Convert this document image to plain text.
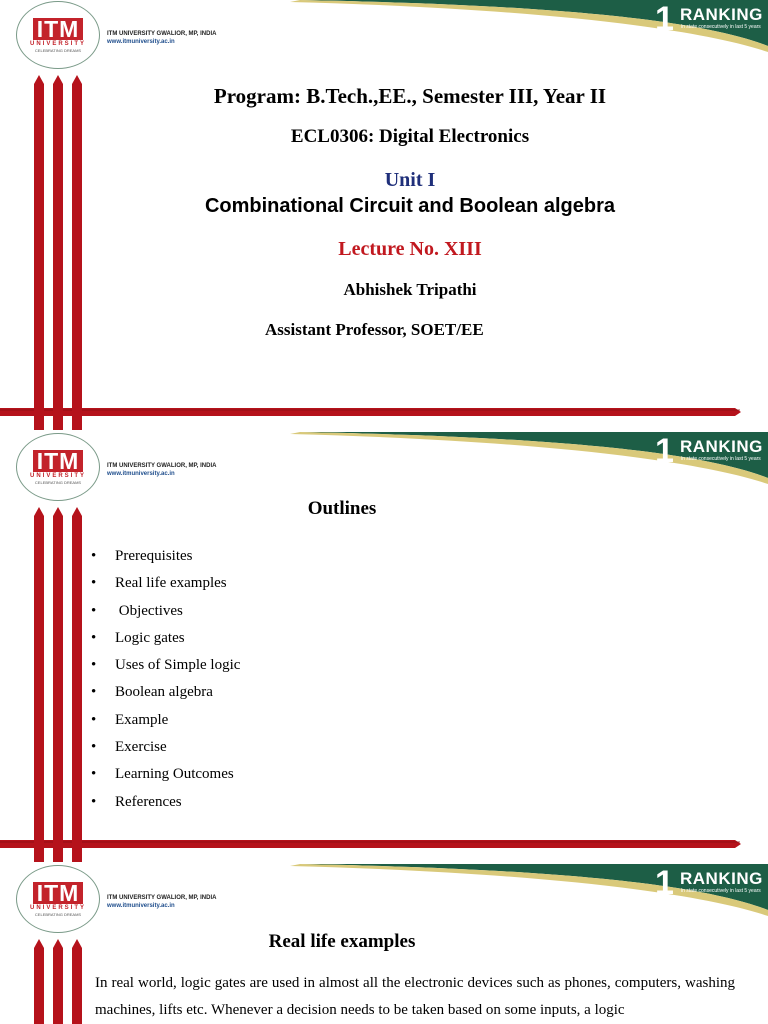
ITM
UNIVERSITY
CELEBRATING DREAMS
ITM UNIVERSITY GWALIOR, MP, INDIA
www.itmuniversity.ac.in
1 RANKING
in state consecutively in last 5 years
Program: B.Tech.,EE., Semester III, Year II
ECL0306: Digital Electronics
Unit I
Combinational Circuit and Boolean algebra
Lecture No. XIII
Abhishek Tripathi
Assistant Professor, SOET/EE
ITM
UNIVERSITY
CELEBRATING DREAMS
ITM UNIVERSITY GWALIOR, MP, INDIA
www.itmuniversity.ac.in
1 RANKING
in state consecutively in last 5 years
Outlines
• Prerequisites
• Real life examples
• Objectives
• Logic gates
• Uses of Simple logic
• Boolean algebra
• Example
• Exercise
• Learning Outcomes
• References
ITM
UNIVERSITY
CELEBRATING DREAMS
ITM UNIVERSITY GWALIOR, MP, INDIA
www.itmuniversity.ac.in
1 RANKING
in state consecutively in last 5 years
Real life examples
In real world, logic gates are used in almost all the electronic devices such as phones, computers, washing machines, lifts etc. Whenever a decision needs to be taken based on some inputs, a logic
